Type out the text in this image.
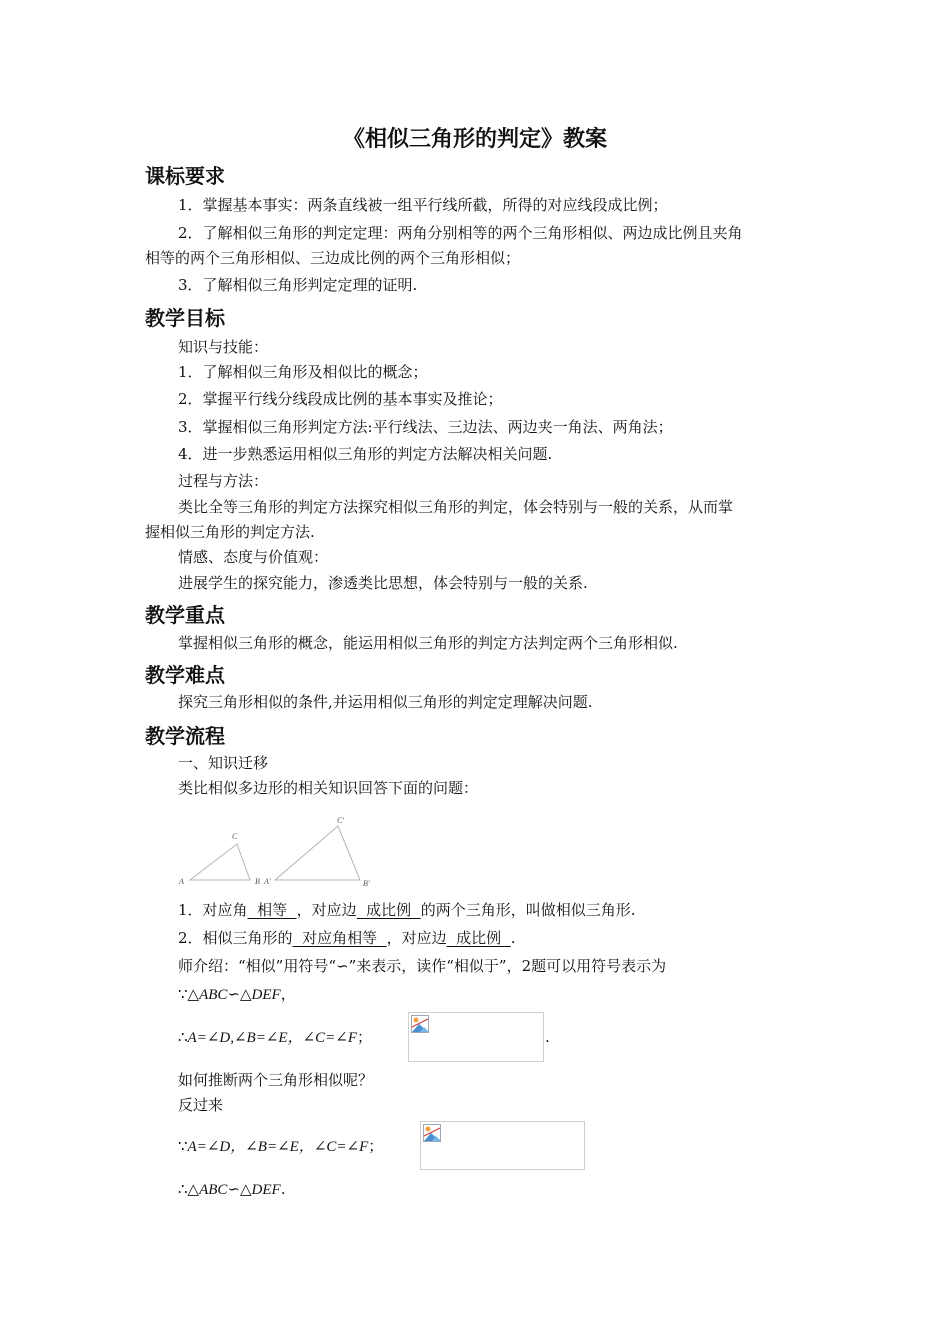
《相似三角形的判定》教案
课标要求
1．掌握基本事实：两条直线被一组平行线所截，所得的对应线段成比例；
2．了解相似三角形的判定定理：两角分别相等的两个三角形相似、两边成比例且夹角
相等的两个三角形相似、三边成比例的两个三角形相似；
3．了解相似三角形判定定理的证明.
教学目标
知识与技能：
1．了解相似三角形及相似比的概念；
2．掌握平行线分线段成比例的基本事实及推论；
3．掌握相似三角形判定方法:平行线法、三边法、两边夹一角法、两角法；
4．进一步熟悉运用相似三角形的判定方法解决相关问题.
过程与方法：
类比全等三角形的判定方法探究相似三角形的判定，体会特别与一般的关系，从而掌
握相似三角形的判定方法.
情感、态度与价值观：
进展学生的探究能力，渗透类比思想，体会特别与一般的关系.
教学重点
掌握相似三角形的概念，能运用相似三角形的判定方法判定两个三角形相似.
教学难点
探究三角形相似的条件,并运用相似三角形的判定定理解决问题.
教学流程
一、知识迁移
类比相似多边形的相关知识回答下面的问题：
A	B
C
A′	B′
C′
1．对应角  相等  ，对应边  成比例  的两个三角形，叫做相似三角形.
2．相似三角形的  对应角相等  ，对应边  成比例  .
师介绍：“相似”用符号“∽”来表示，读作“相似于”，2题可以用符号表示为
∵△ABC∽△DEF，
∴A=∠D,∠B=∠E，∠C=∠F；	.
如何推断两个三角形相似呢？
反过来
∵A=∠D，∠B=∠E，∠C=∠F；
∴△ABC∽△DEF.
